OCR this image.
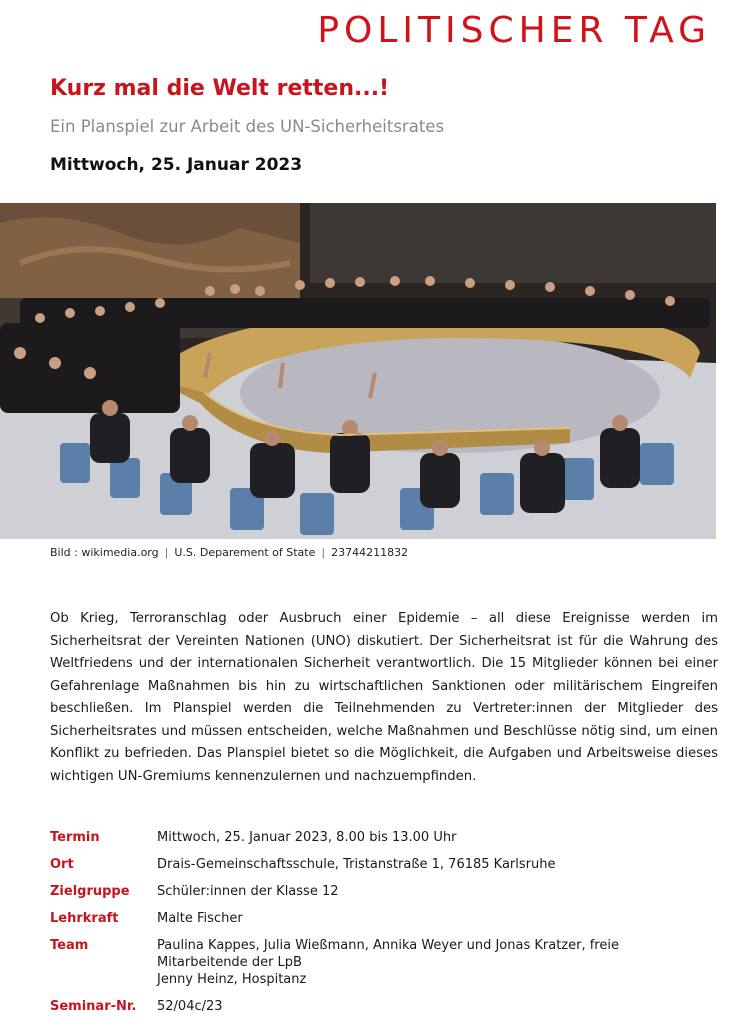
POLITISCHER TAG
Kurz mal die Welt retten...!
Ein Planspiel zur Arbeit des UN-Sicherheitsrates
Mittwoch, 25. Januar 2023
Bild : wikimedia.org | U.S. Deparement of State | 23744211832
Ob Krieg, Terroranschlag oder Ausbruch einer Epidemie – all diese Ereignisse werden im Sicherheitsrat der Vereinten Nationen (UNO) diskutiert. Der Sicherheitsrat ist für die Wahrung des Weltfriedens und der internationalen Sicherheit verantwortlich. Die 15 Mitglieder können bei einer Gefahrenlage Maßnahmen bis hin zu wirtschaftlichen Sanktionen oder militärischem Eingreifen beschließen. Im Planspiel werden die Teilnehmenden zu Vertreter:innen der Mitglieder des Sicherheitsrates und müssen entscheiden, welche Maßnahmen und Beschlüsse nötig sind, um einen Konflikt zu befrieden. Das Planspiel bietet so die Möglichkeit, die Aufgaben und Arbeitsweise dieses wichtigen UN-Gremiums kennenzulernen und nachzuempfinden.
Termin	Mittwoch, 25. Januar 2023, 8.00 bis 13.00 Uhr
Ort	Drais-Gemeinschaftsschule, Tristanstraße 1, 76185 Karlsruhe
Zielgruppe	Schüler:innen der Klasse 12
Lehrkraft	Malte Fischer
Team	Paulina Kappes, Julia Wießmann, Annika Weyer und Jonas Kratzer, freie
Mitarbeitende der LpB
Jenny Heinz, Hospitanz
Seminar-Nr.	52/04c/23
